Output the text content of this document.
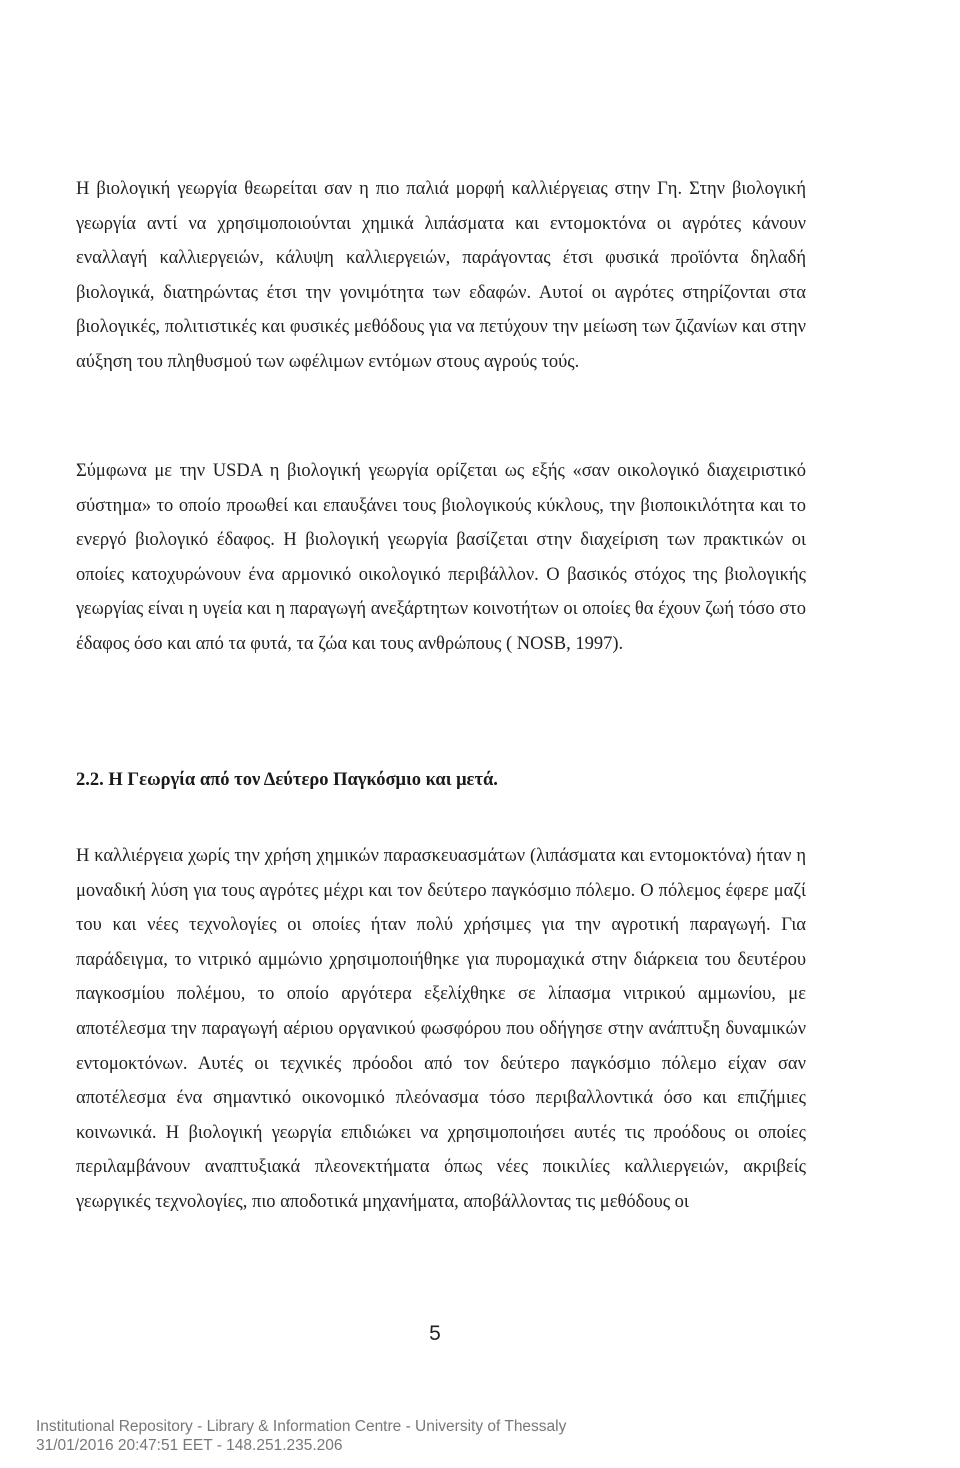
Η βιολογική γεωργία θεωρείται σαν η πιο παλιά μορφή καλλιέργειας στην Γη. Στην βιολογική γεωργία αντί να χρησιμοποιούνται χημικά λιπάσματα και εντομοκτόνα οι αγρότες κάνουν εναλλαγή καλλιεργειών, κάλυψη καλλιεργειών, παράγοντας έτσι φυσικά προϊόντα δηλαδή βιολογικά, διατηρώντας έτσι την γονιμότητα των εδαφών. Αυτοί οι αγρότες στηρίζονται στα βιολογικές, πολιτιστικές και φυσικές μεθόδους για να πετύχουν την μείωση των ζιζανίων και στην αύξηση του πληθυσμού των ωφέλιμων εντόμων στους αγρούς τούς.

Σύμφωνα με την USDA η βιολογική γεωργία ορίζεται ως εξής «σαν οικολογικό διαχειριστικό σύστημα» το οποίο προωθεί και επαυξάνει τους βιολογικούς κύκλους, την βιοποικιλότητα και το ενεργό βιολογικό έδαφος. Η βιολογική γεωργία βασίζεται στην διαχείριση των πρακτικών οι οποίες κατοχυρώνουν ένα αρμονικό οικολογικό περιβάλλον. Ο βασικός στόχος της βιολογικής γεωργίας είναι η υγεία και η παραγωγή ανεξάρτητων κοινοτήτων οι οποίες θα έχουν ζωή τόσο στο έδαφος όσο και από τα φυτά, τα ζώα και τους ανθρώπους ( NOSB, 1997).

2.2. Η Γεωργία από τον Δεύτερο Παγκόσμιο και μετά.

Η καλλιέργεια χωρίς την χρήση χημικών παρασκευασμάτων (λιπάσματα και εντομοκτόνα) ήταν η μοναδική λύση για τους αγρότες μέχρι και τον δεύτερο παγκόσμιο πόλεμο. Ο πόλεμος έφερε μαζί του και νέες τεχνολογίες οι οποίες ήταν πολύ χρήσιμες για την αγροτική παραγωγή. Για παράδειγμα, το νιτρικό αμμώνιο χρησιμοποιήθηκε για πυρομαχικά στην διάρκεια του δευτέρου παγκοσμίου πολέμου, το οποίο αργότερα εξελίχθηκε σε λίπασμα νιτρικού αμμωνίου, με αποτέλεσμα την παραγωγή αέριου οργανικού φωσφόρου που οδήγησε στην ανάπτυξη δυναμικών εντομοκτόνων. Αυτές οι τεχνικές πρόοδοι από τον δεύτερο παγκόσμιο πόλεμο είχαν σαν αποτέλεσμα ένα σημαντικό οικονομικό πλεόνασμα τόσο περιβαλλοντικά όσο και επιζήμιες κοινωνικά. Η βιολογική γεωργία επιδιώκει να χρησιμοποιήσει αυτές τις προόδους οι οποίες περιλαμβάνουν αναπτυξιακά πλεονεκτήματα όπως νέες ποικιλίες καλλιεργειών, ακριβείς γεωργικές τεχνολογίες, πιο αποδοτικά μηχανήματα, αποβάλλοντας τις μεθόδους οι

5
Institutional Repository - Library & Information Centre - University of Thessaly
31/01/2016 20:47:51 EET - 148.251.235.206
